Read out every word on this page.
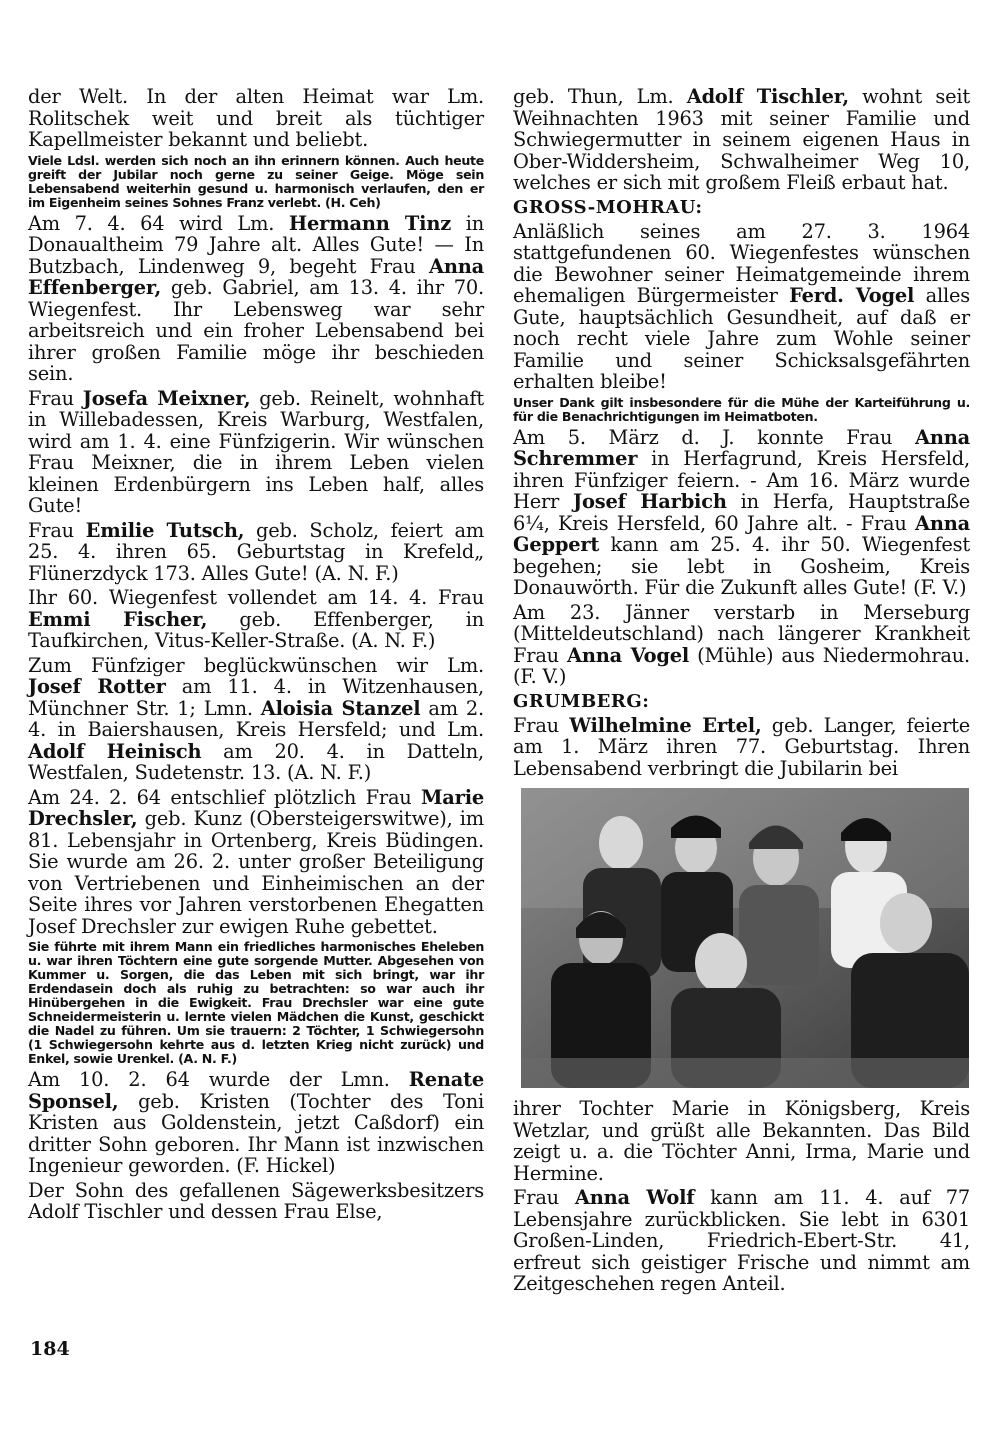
der Welt. In der alten Heimat war Lm. Rolitschek weit und breit als tüchtiger Kapellmeister bekannt und beliebt.

Viele Ldsl. werden sich noch an ihn erinnern können. Auch heute greift der Jubilar noch gerne zu seiner Geige. Möge sein Lebensabend weiterhin gesund u. harmonisch verlaufen, den er im Eigenheim seines Sohnes Franz verlebt. (H. Ceh)

Am 7. 4. 64 wird Lm. Hermann Tinz in Donaualtheim 79 Jahre alt. Alles Gute! — In Butzbach, Lindenweg 9, begeht Frau Anna Effenberger, geb. Gabriel, am 13. 4. ihr 70. Wiegenfest. Ihr Lebensweg war sehr arbeitsreich und ein froher Lebensabend bei ihrer großen Familie möge ihr beschieden sein.

Frau Josefa Meixner, geb. Reinelt, wohnhaft in Willebadessen, Kreis Warburg, Westfalen, wird am 1. 4. eine Fünfzigerin. Wir wünschen Frau Meixner, die in ihrem Leben vielen kleinen Erdenbürgern ins Leben half, alles Gute!

Frau Emilie Tutsch, geb. Scholz, feiert am 25. 4. ihren 65. Geburtstag in Krefeld„ Flünerzdyck 173. Alles Gute! (A. N. F.)

Ihr 60. Wiegenfest vollendet am 14. 4. Frau Emmi Fischer, geb. Effenberger, in Taufkirchen, Vitus-Keller-Straße. (A. N. F.)

Zum Fünfziger beglückwünschen wir Lm. Josef Rotter am 11. 4. in Witzenhausen, Münchner Str. 1; Lmn. Aloisia Stanzel am 2. 4. in Baiershausen, Kreis Hersfeld; und Lm. Adolf Heinisch am 20. 4. in Datteln, Westfalen, Sudetenstr. 13. (A. N. F.)

Am 24. 2. 64 entschlief plötzlich Frau Marie Drechsler, geb. Kunz (Obersteigerswitwe), im 81. Lebensjahr in Ortenberg, Kreis Büdingen. Sie wurde am 26. 2. unter großer Beteiligung von Vertriebenen und Einheimischen an der Seite ihres vor Jahren verstorbenen Ehegatten Josef Drechsler zur ewigen Ruhe gebettet.

Sie führte mit ihrem Mann ein friedliches harmonisches Eheleben u. war ihren Töchtern eine gute sorgende Mutter. Abgesehen von Kummer u. Sorgen, die das Leben mit sich bringt, war ihr Erdendasein doch als ruhig zu betrachten: so war auch ihr Hinübergehen in die Ewigkeit. Frau Drechsler war eine gute Schneidermeisterin u. lernte vielen Mädchen die Kunst, geschickt die Nadel zu führen. Um sie trauern: 2 Töchter, 1 Schwiegersohn (1 Schwiegersohn kehrte aus d. letzten Krieg nicht zurück) und Enkel, sowie Urenkel. (A. N. F.)

Am 10. 2. 64 wurde der Lmn. Renate Sponsel, geb. Kristen (Tochter des Toni Kristen aus Goldenstein, jetzt Caßdorf) ein dritter Sohn geboren. Ihr Mann ist inzwischen Ingenieur geworden. (F. Hickel)

Der Sohn des gefallenen Sägewerksbesitzers Adolf Tischler und dessen Frau Else,

geb. Thun, Lm. Adolf Tischler, wohnt seit Weihnachten 1963 mit seiner Familie und Schwiegermutter in seinem eigenen Haus in Ober-Widdersheim, Schwalheimer Weg 10, welches er sich mit großem Fleiß erbaut hat.

GROSS-MOHRAU:

Anläßlich seines am 27. 3. 1964 stattgefundenen 60. Wiegenfestes wünschen die Bewohner seiner Heimatgemeinde ihrem ehemaligen Bürgermeister Ferd. Vogel alles Gute, hauptsächlich Gesundheit, auf daß er noch recht viele Jahre zum Wohle seiner Familie und seiner Schicksalsgefährten erhalten bleibe!

Unser Dank gilt insbesondere für die Mühe der Karteiführung u. für die Benachrichtigungen im Heimatboten.

Am 5. März d. J. konnte Frau Anna Schremmer in Herfagrund, Kreis Hersfeld, ihren Fünfziger feiern. - Am 16. März wurde Herr Josef Harbich in Herfa, Hauptstraße 6¼, Kreis Hersfeld, 60 Jahre alt. - Frau Anna Geppert kann am 25. 4. ihr 50. Wiegenfest begehen; sie lebt in Gosheim, Kreis Donauwörth. Für die Zukunft alles Gute! (F. V.)

Am 23. Jänner verstarb in Merseburg (Mitteldeutschland) nach längerer Krankheit Frau Anna Vogel (Mühle) aus Niedermohrau. (F. V.)

GRUMBERG:

Frau Wilhelmine Ertel, geb. Langer, feierte am 1. März ihren 77. Geburtstag. Ihren Lebensabend verbringt die Jubilarin bei

ihrer Tochter Marie in Königsberg, Kreis Wetzlar, und grüßt alle Bekannten. Das Bild zeigt u. a. die Töchter Anni, Irma, Marie und Hermine.

Frau Anna Wolf kann am 11. 4. auf 77 Lebensjahre zurückblicken. Sie lebt in 6301 Großen-Linden, Friedrich-Ebert-Str. 41, erfreut sich geistiger Frische und nimmt am Zeitgeschehen regen Anteil.

184
